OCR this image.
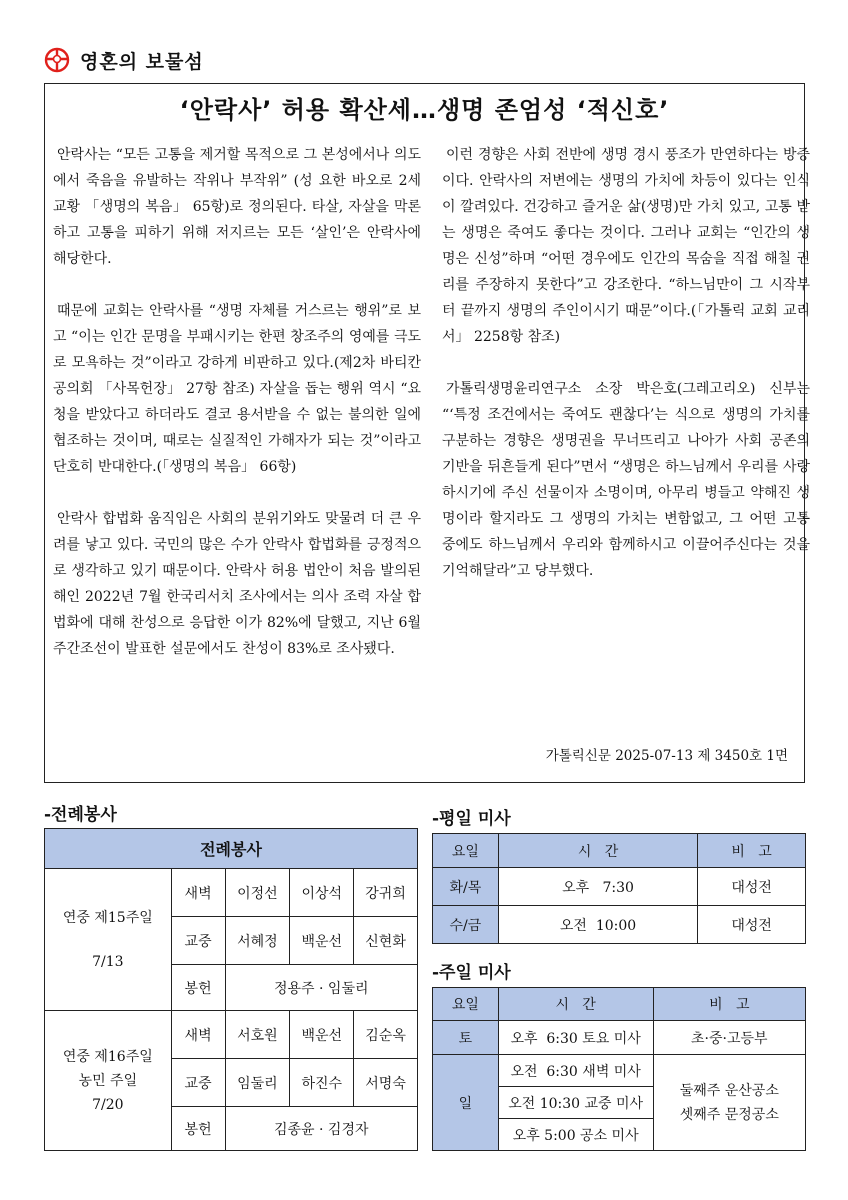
영혼의 보물섬
‘안락사’ 허용 확산세…생명 존엄성 ‘적신호’

안락사는 “모든 고통을 제거할 목적으로 그 본성에서나 의도에서 죽음을 유발하는 작위나 부작위” (성 요한 바오로 2세 교황 「생명의 복음」 65항)로 정의된다. 타살, 자살을 막론하고 고통을 피하기 위해 저지르는 모든 ‘살인’은 안락사에 해당한다.

때문에 교회는 안락사를 “생명 자체를 거스르는 행위”로 보고 “이는 인간 문명을 부패시키는 한편 창조주의 영예를 극도로 모욕하는 것”이라고 강하게 비판하고 있다.(제2차 바티칸공의회 「사목헌장」 27항 참조) 자살을 돕는 행위 역시 “요청을 받았다고 하더라도 결코 용서받을 수 없는 불의한 일에 협조하는 것이며, 때로는 실질적인 가해자가 되는 것”이라고 단호히 반대한다.(「생명의 복음」 66항)

안락사 합법화 움직임은 사회의 분위기와도 맞물려 더 큰 우려를 낳고 있다. 국민의 많은 수가 안락사 합법화를 긍정적으로 생각하고 있기 때문이다. 안락사 허용 법안이 처음 발의된 해인 2022년 7월 한국리서치 조사에서는 의사 조력 자살 합법화에 대해 찬성으로 응답한 이가 82%에 달했고, 지난 6월 주간조선이 발표한 설문에서도 찬성이 83%로 조사됐다.

이런 경향은 사회 전반에 생명 경시 풍조가 만연하다는 방증이다. 안락사의 저변에는 생명의 가치에 차등이 있다는 인식이 깔려있다. 건강하고 즐거운 삶(생명)만 가치 있고, 고통 받는 생명은 죽여도 좋다는 것이다. 그러나 교회는 “인간의 생명은 신성”하며 “어떤 경우에도 인간의 목숨을 직접 해칠 권리를 주장하지 못한다”고 강조한다. “하느님만이 그 시작부터 끝까지 생명의 주인이시기 때문”이다.(「가톨릭 교회 교리서」 2258항 참조)

가톨릭생명윤리연구소 소장 박은호(그레고리오) 신부는 “‘특정 조건에서는 죽여도 괜찮다’는 식으로 생명의 가치를 구분하는 경향은 생명권을 무너뜨리고 나아가 사회 공존의 기반을 뒤흔들게 된다”면서 “생명은 하느님께서 우리를 사랑하시기에 주신 선물이자 소명이며, 아무리 병들고 약해진 생명이라 할지라도 그 생명의 가치는 변함없고, 그 어떤 고통 중에도 하느님께서 우리와 함께하시고 이끌어주신다는 것을 기억해달라”고 당부했다.

가톨릭신문 2025-07-13 제 3450호 1면
-전례봉사	-평일 미사
-주일 미사
전례봉사				

연중 제15주일
7/13	새벽	이정선	이상석	강귀희
	교중	서혜정	백운선	신현화
	봉헌	정용주 · 임둘리		

연중 제16주일
농민 주일
7/20	새벽	서호원	백운선	김순옥
	교중	임둘리	하진수	서명숙
	봉헌	김종윤 · 김경자		
요일	시   간	비   고
화/목	오후   7:30	대성전
수/금	오전  10:00	대성전
요일	시   간	비   고
토	오후  6:30 토요 미사	초·중·고등부
일	오전  6:30 새벽 미사	둘째주 운산공소
셋째주 문정공소

	오전 10:30 교중 미사	
	오후 5:00 공소 미사	
